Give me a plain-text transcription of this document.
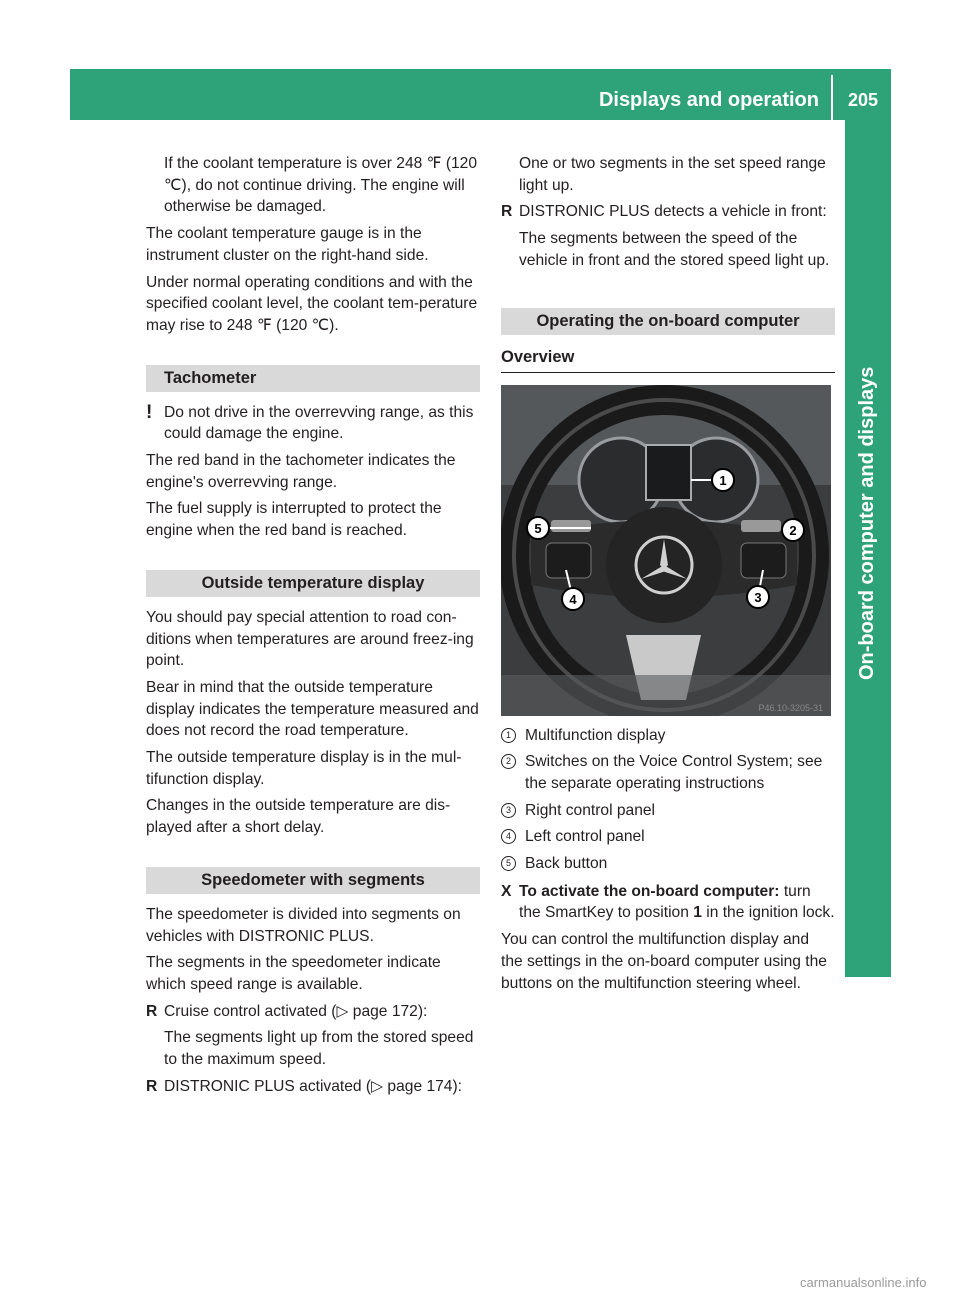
Displays and operation	205
On-board computer and displays

If the coolant temperature is over 248 ℉ (120 ℃), do not continue driving. The engine will otherwise be damaged.

The coolant temperature gauge is in the instrument cluster on the right-hand side.

Under normal operating conditions and with the specified coolant level, the coolant tem-perature may rise to 248 ℉ (120 ℃).

Tachometer

! Do not drive in the overrevving range, as this could damage the engine.

The red band in the tachometer indicates the engine's overrevving range.

The fuel supply is interrupted to protect the engine when the red band is reached.

Outside temperature display

You should pay special attention to road con-ditions when temperatures are around freez-ing point.

Bear in mind that the outside temperature display indicates the temperature measured and does not record the road temperature.

The outside temperature display is in the mul-tifunction display.

Changes in the outside temperature are dis-played after a short delay.

Speedometer with segments

The speedometer is divided into segments on vehicles with DISTRONIC PLUS.

The segments in the speedometer indicate which speed range is available.

R Cruise control activated (▷ page 172):

The segments light up from the stored speed to the maximum speed.

R DISTRONIC PLUS activated (▷ page 174):

One or two segments in the set speed range light up.

R DISTRONIC PLUS detects a vehicle in front:

The segments between the speed of the vehicle in front and the stored speed light up.

Operating the on-board computer
Overview
1
2
3
4
5
P46.10-3205-31

1 Multifunction display

2 Switches on the Voice Control System; see the separate operating instructions

3 Right control panel

4 Left control panel

5 Back button

X To activate the on-board computer: turn the SmartKey to position 1 in the ignition lock.

You can control the multifunction display and the settings in the on-board computer using the buttons on the multifunction steering wheel.

carmanualsonline.info
